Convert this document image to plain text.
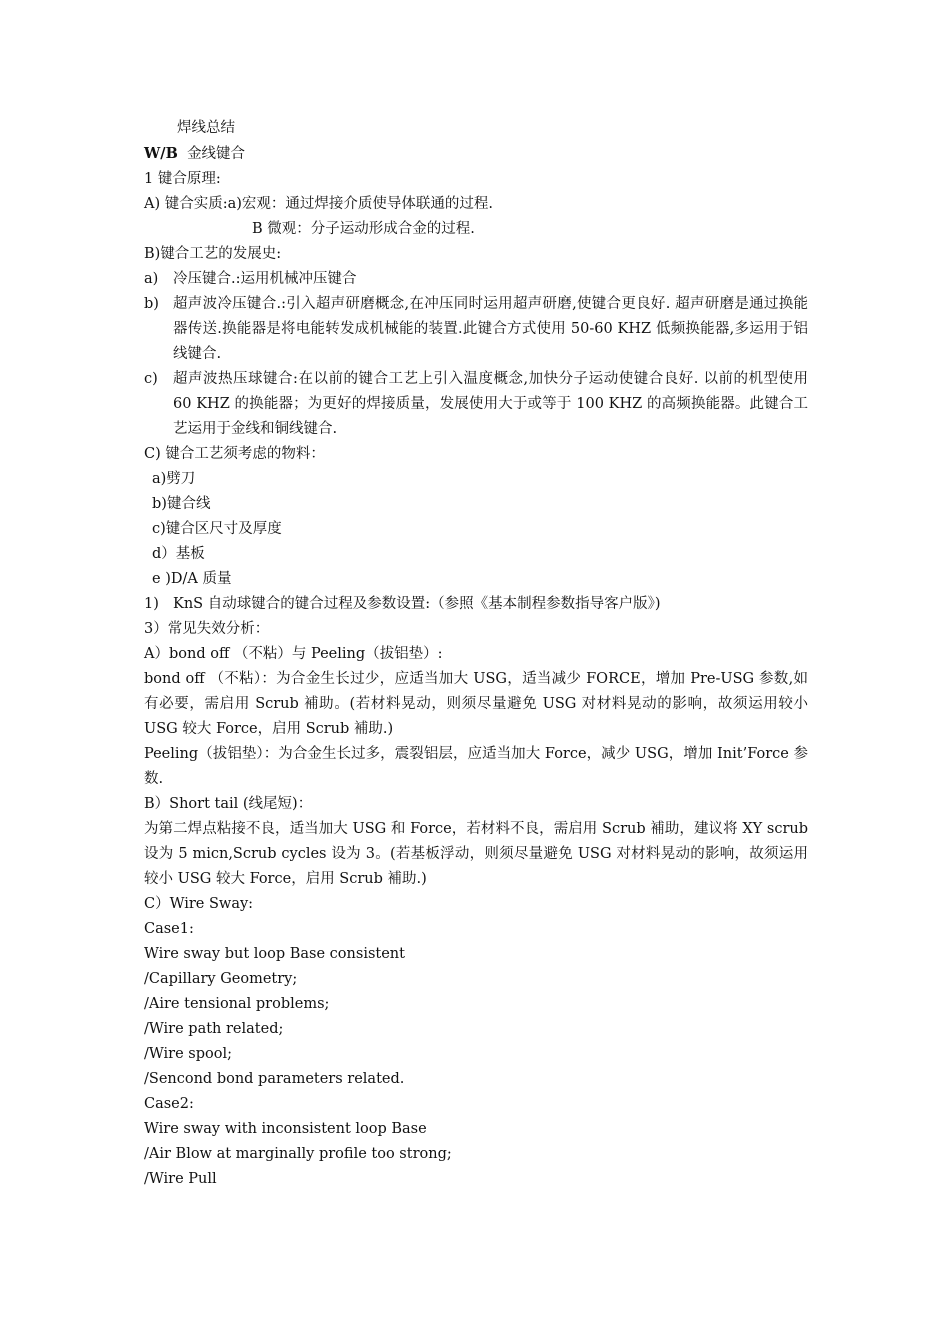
焊线总结
W/B 金线键合
1 键合原理:
A) 键合实质:a)宏观：通过焊接介质使导体联通的过程.
B 微观：分子运动形成合金的过程.
B)键合工艺的发展史:
a)	冷压键合.:运用机械冲压键合
b) 超声波冷压键合.:引入超声研磨概念,在冲压同时运用超声研磨,使键合更良好. 超声研磨是通过换能器传送.换能器是将电能转发成机械能的装置.此键合方式使用 50-60 KHZ 低频换能器,多运用于铝线键合.
c)	超声波热压球键合:在以前的键合工艺上引入温度概念,加快分子运动使键合良好. 以前的机型使用 60 KHZ 的换能器；为更好的焊接质量，发展使用大于或等于 100 KHZ 的高频换能器。此键合工艺运用于金线和铜线键合.
C) 键合工艺须考虑的物料：
a)劈刀
b)键合线
c)键合区尺寸及厚度
d）基板
e )D/A 质量
1) KnS 自动球键合的键合过程及参数设置:（参照《基本制程参数指导客户版》)
3）常见失效分析：
A）bond off （不粘）与 Peeling（拔铝垫）:
bond off （不粘）：为合金生长过少，应适当加大 USG，适当减少 FORCE，增加 Pre-USG 参数,如有必要，需启用 Scrub 補助。(若材料晃动，则须尽量避免 USG 对材料晃动的影响，故须运用较小 USG 较大 Force，启用 Scrub 補助.)
Peeling（拔铝垫）：为合金生长过多，震裂铝层，应适当加大 Force，减少 USG，增加 Init’Force 参数.
B）Short tail (线尾短)：
为第二焊点粘接不良，适当加大 USG 和 Force，若材料不良，需启用 Scrub 補助，建议将 XY scrub 设为 5 micn,Scrub cycles 设为 3。(若基板浮动，则须尽量避免 USG 对材料晃动的影响，故须运用较小 USG 较大 Force，启用 Scrub 補助.)
C）Wire Sway:
Case1:
Wire sway but loop Base consistent
/Capillary Geometry;
/Aire tensional problems;
/Wire path related;
/Wire spool;
/Sencond bond parameters related.
Case2:
Wire sway with inconsistent loop Base
/Air Blow at marginally profile too strong;
/Wire Pull
